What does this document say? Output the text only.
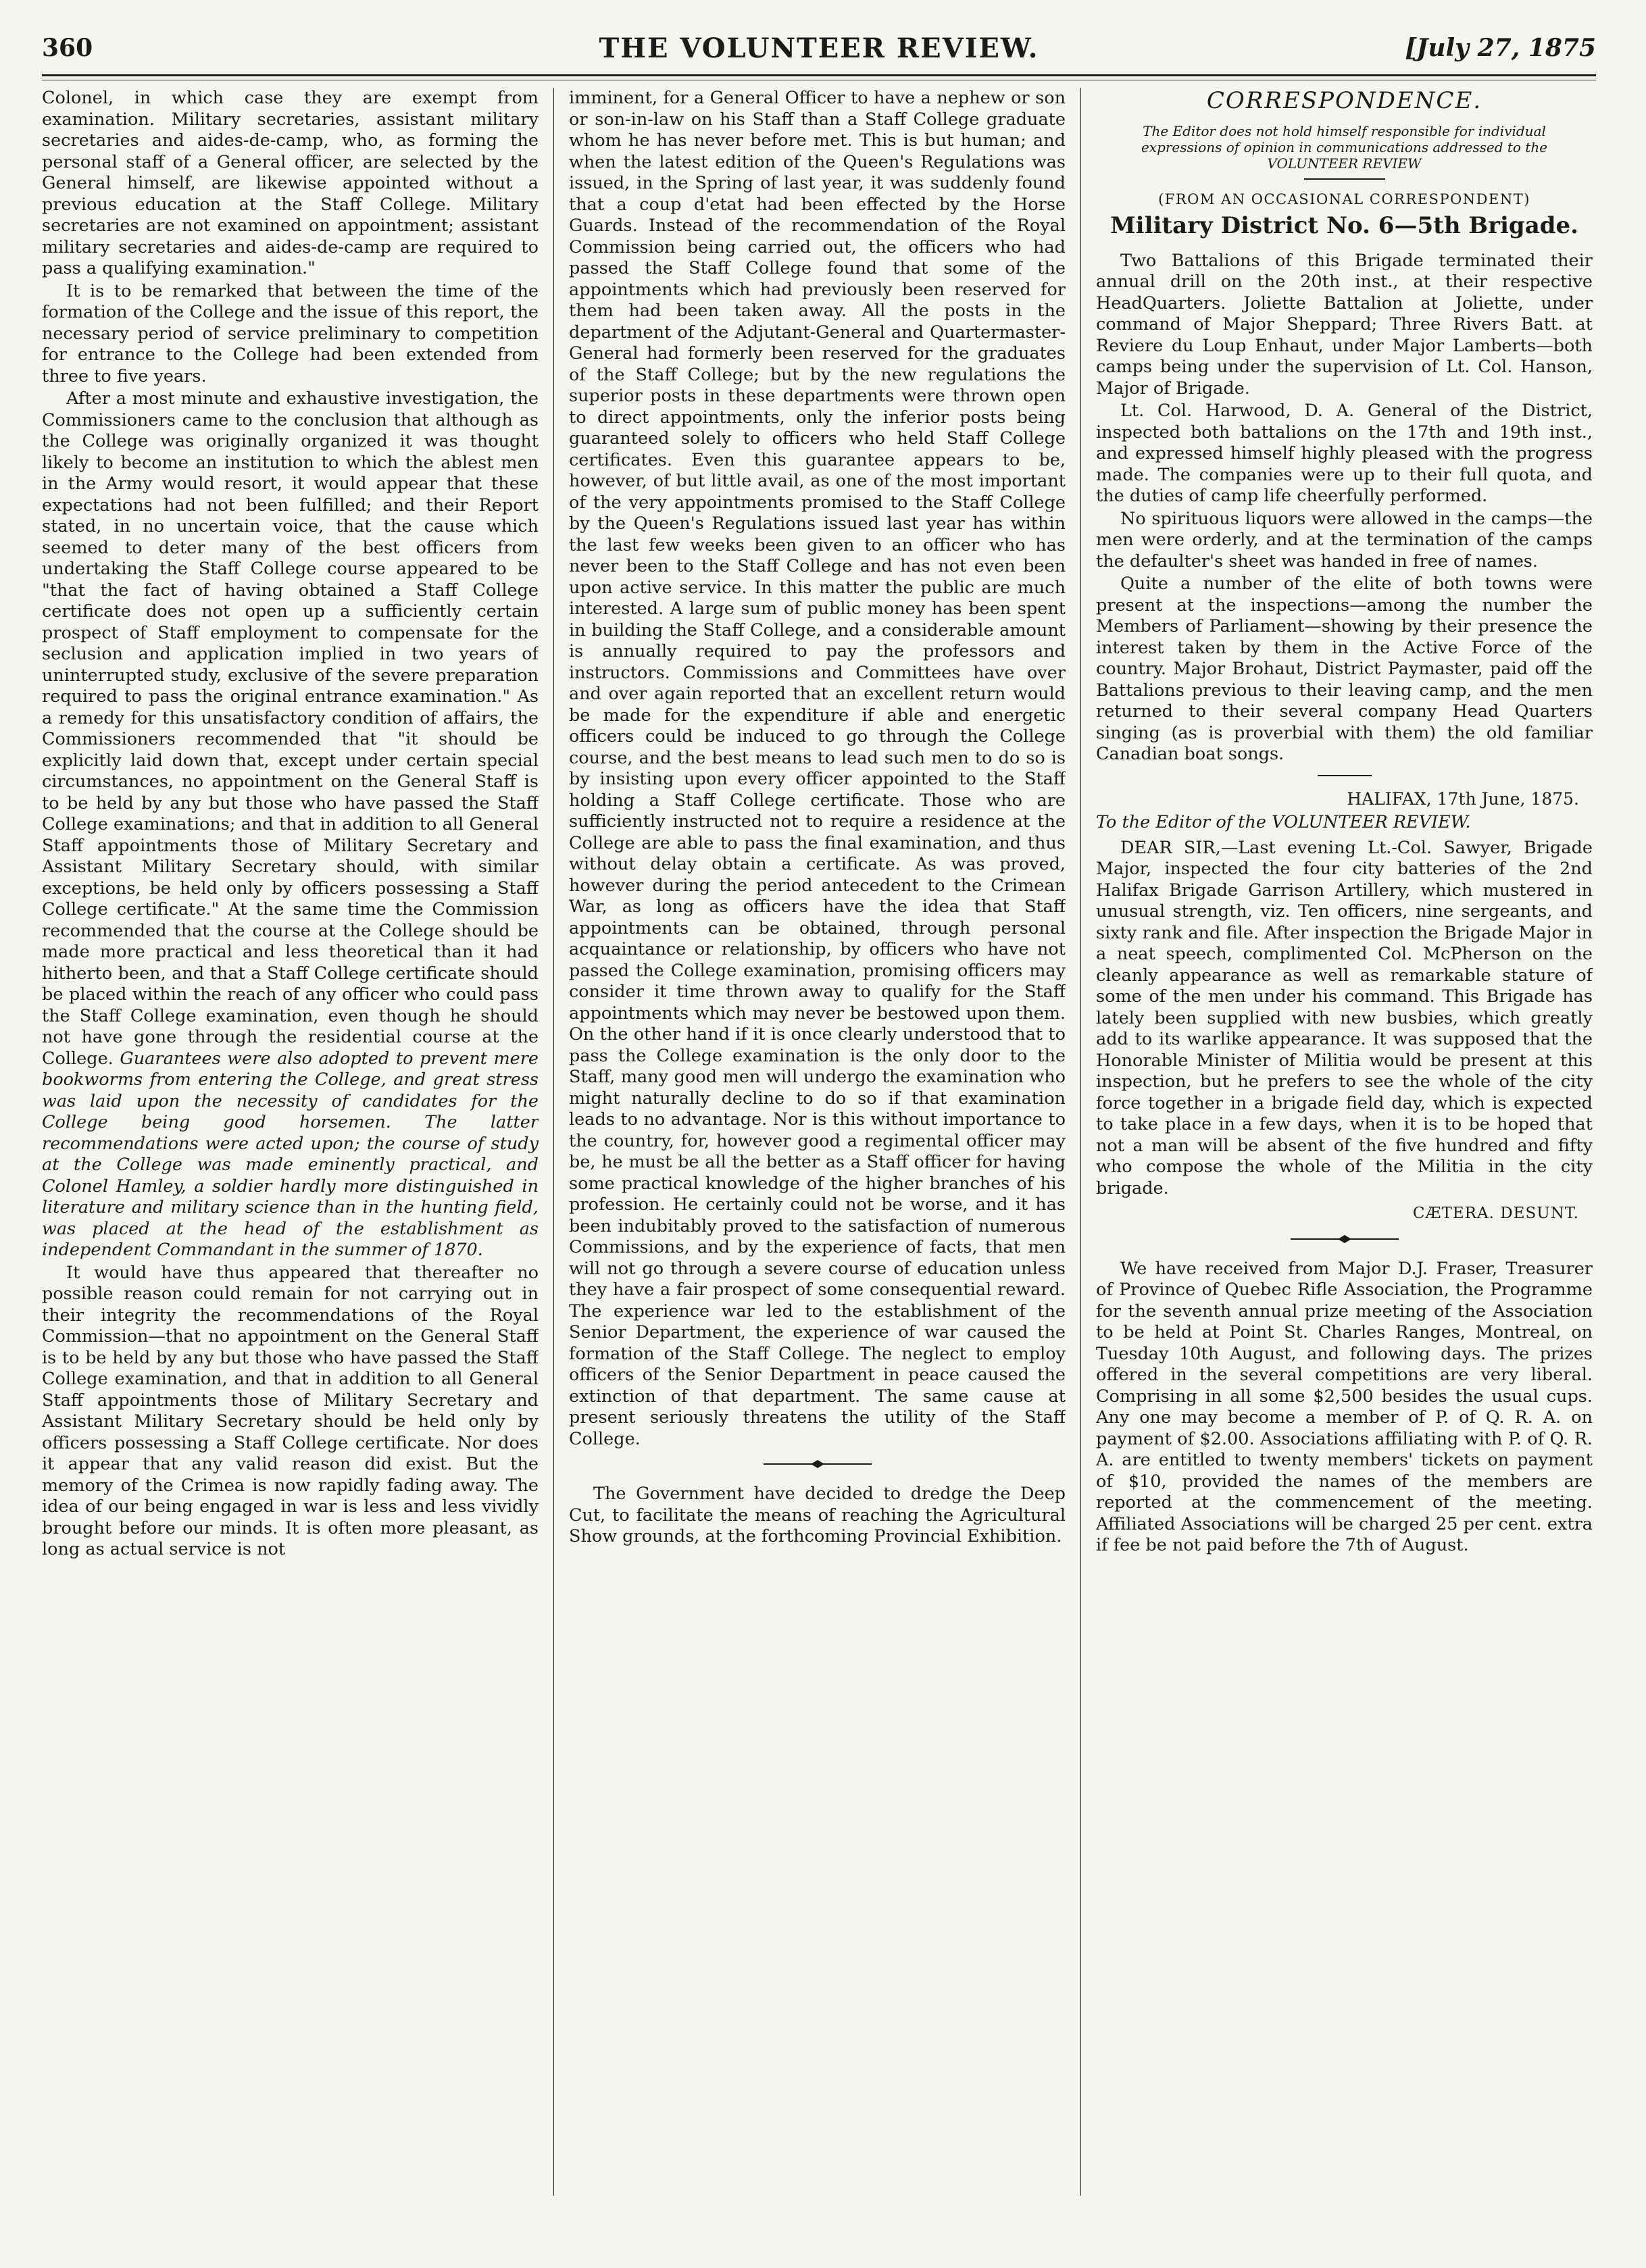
360	THE VOLUNTEER REVIEW.	[July 27, 1875

Colonel, in which case they are exempt from examination. Military secretaries, assistant military secretaries and aides-de-camp, who, as forming the personal staff of a General officer, are selected by the General himself, are likewise appointed without a previous education at the Staff College. Military secretaries are not examined on appointment; assistant military secretaries and aides-de-camp are required to pass a qualifying examination."

It is to be remarked that between the time of the formation of the College and the issue of this report, the necessary period of service preliminary to competition for entrance to the College had been extended from three to five years.

After a most minute and exhaustive investigation, the Commissioners came to the conclusion that although as the College was originally organized it was thought likely to become an institution to which the ablest men in the Army would resort, it would appear that these expectations had not been fulfilled; and their Report stated, in no uncertain voice, that the cause which seemed to deter many of the best officers from undertaking the Staff College course appeared to be "that the fact of having obtained a Staff College certificate does not open up a sufficiently certain prospect of Staff employment to compensate for the seclusion and application implied in two years of uninterrupted study, exclusive of the severe preparation required to pass the original entrance examination." As a remedy for this unsatisfactory condition of affairs, the Commissioners recommended that "it should be explicitly laid down that, except under certain special circumstances, no appointment on the General Staff is to be held by any but those who have passed the Staff College examinations; and that in addition to all General Staff appointments those of Military Secretary and Assistant Military Secretary should, with similar exceptions, be held only by officers possessing a Staff College certificate." At the same time the Commission recommended that the course at the College should be made more practical and less theoretical than it had hitherto been, and that a Staff College certificate should be placed within the reach of any officer who could pass the Staff College examination, even though he should not have gone through the residential course at the College. Guarantees were also adopted to prevent mere bookworms from entering the College, and great stress was laid upon the necessity of candidates for the College being good horsemen. The latter recommendations were acted upon; the course of study at the College was made eminently practical, and Colonel Hamley, a soldier hardly more distinguished in literature and military science than in the hunting field, was placed at the head of the establishment as independent Commandant in the summer of 1870.

It would have thus appeared that thereafter no possible reason could remain for not carrying out in their integrity the recommendations of the Royal Commission—that no appointment on the General Staff is to be held by any but those who have passed the Staff College examination, and that in addition to all General Staff appointments those of Military Secretary and Assistant Military Secretary should be held only by officers possessing a Staff College certificate. Nor does it appear that any valid reason did exist. But the memory of the Crimea is now rapidly fading away. The idea of our being engaged in war is less and less vividly brought before our minds. It is often more pleasant, as long as actual service is not

imminent, for a General Officer to have a nephew or son or son-in-law on his Staff than a Staff College graduate whom he has never before met. This is but human; and when the latest edition of the Queen's Regulations was issued, in the Spring of last year, it was suddenly found that a coup d'etat had been effected by the Horse Guards. Instead of the recommendation of the Royal Commission being carried out, the officers who had passed the Staff College found that some of the appointments which had previously been reserved for them had been taken away. All the posts in the department of the Adjutant-General and Quartermaster-General had formerly been reserved for the graduates of the Staff College; but by the new regulations the superior posts in these departments were thrown open to direct appointments, only the inferior posts being guaranteed solely to officers who held Staff College certificates. Even this guarantee appears to be, however, of but little avail, as one of the most important of the very appointments promised to the Staff College by the Queen's Regulations issued last year has within the last few weeks been given to an officer who has never been to the Staff College and has not even been upon active service. In this matter the public are much interested. A large sum of public money has been spent in building the Staff College, and a considerable amount is annually required to pay the professors and instructors. Commissions and Committees have over and over again reported that an excellent return would be made for the expenditure if able and energetic officers could be induced to go through the College course, and the best means to lead such men to do so is by insisting upon every officer appointed to the Staff holding a Staff College certificate. Those who are sufficiently instructed not to require a residence at the College are able to pass the final examination, and thus without delay obtain a certificate. As was proved, however during the period antecedent to the Crimean War, as long as officers have the idea that Staff appointments can be obtained, through personal acquaintance or relationship, by officers who have not passed the College examination, promising officers may consider it time thrown away to qualify for the Staff appointments which may never be bestowed upon them. On the other hand if it is once clearly understood that to pass the College examination is the only door to the Staff, many good men will undergo the examination who might naturally decline to do so if that examination leads to no advantage. Nor is this without importance to the country, for, however good a regimental officer may be, he must be all the better as a Staff officer for having some practical knowledge of the higher branches of his profession. He certainly could not be worse, and it has been indubitably proved to the satisfaction of numerous Commissions, and by the experience of facts, that men will not go through a severe course of education unless they have a fair prospect of some consequential reward. The experience war led to the establishment of the Senior Department, the experience of war caused the formation of the Staff College. The neglect to employ officers of the Senior Department in peace caused the extinction of that department. The same cause at present seriously threatens the utility of the Staff College.

The Government have decided to dredge the Deep Cut, to facilitate the means of reaching the Agricultural Show grounds, at the forthcoming Provincial Exhibition.

CORRESPONDENCE.
The Editor does not hold himself responsible for individual expressions of opinion in communications addressed to the VOLUNTEER REVIEW
(FROM AN OCCASIONAL CORRESPONDENT)
Military District No. 6—5th Brigade.

Two Battalions of this Brigade terminated their annual drill on the 20th inst., at their respective HeadQuarters. Joliette Battalion at Joliette, under command of Major Sheppard; Three Rivers Batt. at Reviere du Loup Enhaut, under Major Lamberts—both camps being under the supervision of Lt. Col. Hanson, Major of Brigade.

Lt. Col. Harwood, D. A. General of the District, inspected both battalions on the 17th and 19th inst., and expressed himself highly pleased with the progress made. The companies were up to their full quota, and the duties of camp life cheerfully performed.

No spirituous liquors were allowed in the camps—the men were orderly, and at the termination of the camps the defaulter's sheet was handed in free of names.

Quite a number of the elite of both towns were present at the inspections—among the number the Members of Parliament—showing by their presence the interest taken by them in the Active Force of the country. Major Brohaut, District Paymaster, paid off the Battalions previous to their leaving camp, and the men returned to their several company Head Quarters singing (as is proverbial with them) the old familiar Canadian boat songs.

HALIFAX, 17th June, 1875.
To the Editor of the VOLUNTEER REVIEW.

DEAR SIR,—Last evening Lt.-Col. Sawyer, Brigade Major, inspected the four city batteries of the 2nd Halifax Brigade Garrison Artillery, which mustered in unusual strength, viz. Ten officers, nine sergeants, and sixty rank and file. After inspection the Brigade Major in a neat speech, complimented Col. McPherson on the cleanly appearance as well as remarkable stature of some of the men under his command. This Brigade has lately been supplied with new busbies, which greatly add to its warlike appearance. It was supposed that the Honorable Minister of Militia would be present at this inspection, but he prefers to see the whole of the city force together in a brigade field day, which is expected to take place in a few days, when it is to be hoped that not a man will be absent of the five hundred and fifty who compose the whole of the Militia in the city brigade.

CÆTERA. DESUNT.

We have received from Major D.J. Fraser, Treasurer of Province of Quebec Rifle Association, the Programme for the seventh annual prize meeting of the Association to be held at Point St. Charles Ranges, Montreal, on Tuesday 10th August, and following days. The prizes offered in the several competitions are very liberal. Comprising in all some $2,500 besides the usual cups. Any one may become a member of P. of Q. R. A. on payment of $2.00. Associations affiliating with P. of Q. R. A. are entitled to twenty members' tickets on payment of $10, provided the names of the members are reported at the commencement of the meeting. Affiliated Associations will be charged 25 per cent. extra if fee be not paid before the 7th of August.
